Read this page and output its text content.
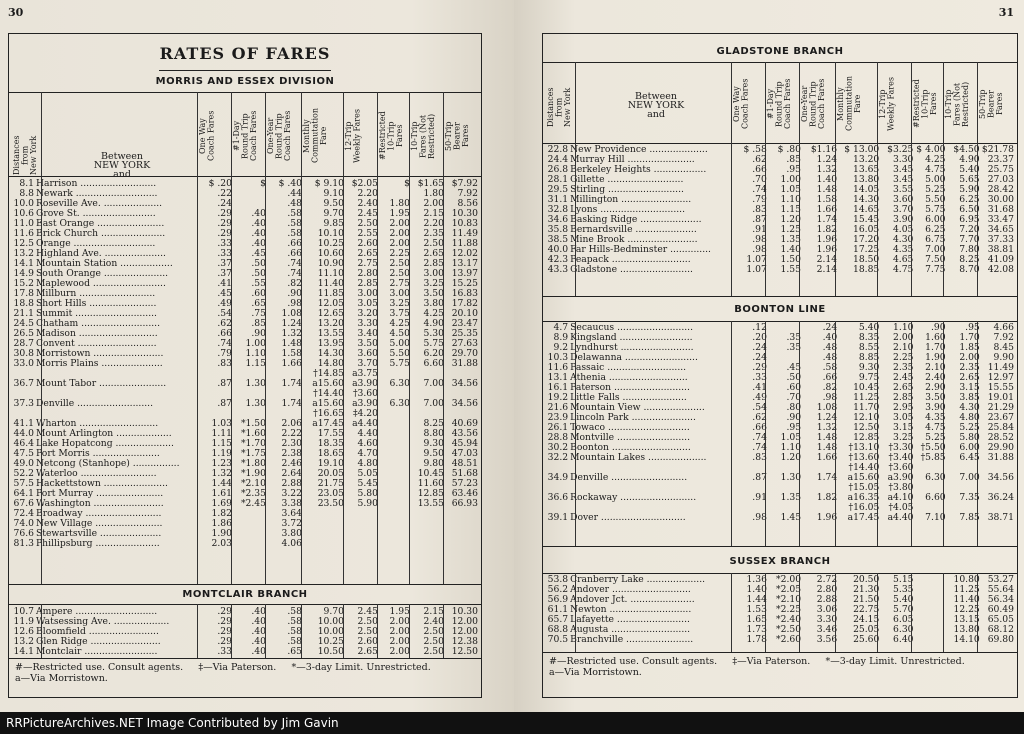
30
RATES OF FARES
MORRIS AND ESSEX DIVISION
Distances
from
New York
Between
NEW YORK
and
One Way
Coach Fares	#1-Day
Round Trip
Coach Fares	One-Year
Round Trip
Coach Fares	Monthly
Commutation
Fare	12-Trip
Weekly Fares	#Restricted
10-Trip
Fares 10-Trip
Fares (Not
Restricted)	50-Trip
Bearer
Fares
8.1	Harrison ..........................	$ .20	$	$ .40	$ 9.10	$2.05	$	$1.65	$7.92
8.8	Newark ............................	.22		.44	9.10	2.20		1.80	7.92
10.0	Roseville Ave. ....................	.24		.48	9.50	2.40	1.80	2.00	8.56
10.6	Grove St. .........................	.29	.40	.58	9.70	2.45	1.95	2.15	10.30
11.0	East Orange .......................	.29	.40	.58	9.85	2.50	2.00	2.20	10.83
11.6	Brick Church ......................	.29	.40	.58	10.10	2.55	2.00	2.35	11.49
12.5	Orange ............................	.33	.40	.66	10.25	2.60	2.00	2.50	11.88
13.2	Highland Ave. .....................	.33	.45	.66	10.60	2.65	2.25	2.65	12.02
14.1	Mountain Station ..................	.37	.50	.74	10.90	2.75	2.50	2.85	13.17
14.9	South Orange ......................	.37	.50	.74	11.10	2.80	2.50	3.00	13.97
15.2	Maplewood .........................	.41	.55	.82	11.40	2.85	2.75	3.25	15.25
17.8	Millburn ..........................	.45	.60	.90	11.85	3.00	3.00	3.50	16.83
18.8	Short Hills .......................	.49	.65	.98	12.05	3.05	3.25	3.80	17.82
21.1	Summit ............................	.54	.75	1.08	12.65	3.20	3.75	4.25	20.10
24.5	Chatham ...........................	.62	.85	1.24	13.20	3.30	4.25	4.90	23.47
26.5	Madison ...........................	.66	.90	1.32	13.55	3.40	4.50	5.30	25.35
28.7	Convent ...........................	.74	1.00	1.48	13.95	3.50	5.00	5.75	27.63
30.8	Morristown ........................	.79	1.10	1.58	14.30	3.60	5.50	6.20	29.70
33.0	Morris Plains .....................	.83	1.15	1.66	14.80	3.70	5.75	6.60	31.88
					†14.85	a3.75			
36.7	Mount Tabor .......................	.87	1.30	1.74	a15.60	a3.90	6.30	7.00	34.56
					†14.40	†3.60			
37.3	Denville ..........................	.87	1.30	1.74	a15.60	a3.90	6.30	7.00	34.56
					†16.65	‡4.20			
41.1	Wharton ...........................	1.03	*1.50	2.06	a17.45	a4.40		8.25	40.69
44.0	Mount Arlington ...................	1.11	*1.60	2.22	17.55	4.40		8.80	43.56
46.4	Lake Hopatcong ....................	1.15	*1.70	2.30	18.35	4.60		9.30	45.94
47.5	Port Morris .......................	1.19	*1.75	2.38	18.65	4.70		9.50	47.03
49.0	Netcong (Stanhope) ................	1.23	*1.80	2.46	19.10	4.80		9.80	48.51
52.2	Waterloo ..........................	1.32	*1.90	2.64	20.05	5.05		10.45	51.68
57.5	Hackettstown ......................	1.44	*2.10	2.88	21.75	5.45		11.60	57.23
64.1	Port Murray .......................	1.61	*2.35	3.22	23.05	5.80		12.85	63.46
67.6	Washington ........................	1.69	*2.45	3.38	23.50	5.90		13.55	66.93
72.4	Broadway ..........................	1.82		3.64					
74.0	New Village .......................	1.86		3.72					
76.6	Stewartsville .....................	1.90		3.80					
81.3	Phillipsburg ......................	2.03		4.06					
MONTCLAIR BRANCH
10.7	Ampere ............................	.29	.40	.58	9.70	2.45	1.95	2.15	10.30
11.9	Watsessing Ave. ...................	.29	.40	.58	10.00	2.50	2.00	2.40	12.00
12.6	Bloomfield ........................	.29	.40	.58	10.00	2.50	2.00	2.50	12.00
13.2	Glen Ridge ........................	.29	.40	.58	10.25	2.60	2.00	2.50	12.38
14.1	Montclair .........................	.33	.40	.65	10.50	2.65	2.00	2.50	12.50
#—Restricted use. Consult agents. ‡—Via Paterson. *—3-day Limit. Unrestricted.
a—Via Morristown.
31
GLADSTONE BRANCH
Distances
from
New York	Between
NEW YORK
and	One Way
Coach Fares	#1-Day
Round Trip
Coach Fares	One-Year
Round Trip
Coach Fares	Monthly
Commutation
Fare	12-Trip
Weekly Fares	#Restricted
10-Trip
Fares 10-Trip
Fares (Not
Restricted)	50-Trip
Bearer
Fares
22.8	New Providence ....................	$ .58	$ .80	$1.16	$ 13.00	$3.25	$ 4.00	$4.50	$21.78
24.4	Murray Hill .......................	.62	.85	1.24	13.20	3.30	4.25	4.90	23.37
26.8	Berkeley Heights ..................	.66	.95	1.32	13.65	3.45	4.75	5.40	25.75
28.1	Gillette ..........................	.70	1.00	1.40	13.80	3.45	5.00	5.65	27.03
29.5	Stirling ..........................	.74	1.05	1.48	14.05	3.55	5.25	5.90	28.42
31.1	Millington ........................	.79	1.10	1.58	14.30	3.60	5.50	6.25	30.00
32.8	Lyons .............................	.83	1.15	1.66	14.65	3.70	5.75	6.50	31.68
34.6	Basking Ridge .....................	.87	1.20	1.74	15.45	3.90	6.00	6.95	33.47
35.8	Bernardsville .....................	.91	1.25	1.82	16.05	4.05	6.25	7.20	34.65
38.5	Mine Brook ........................	.98	1.35	1.96	17.20	4.30	6.75	7.70	37.33
40.0	Far Hills-Bedminster ..............	.98	1.40	1.96	17.25	4.35	7.00	7.80	38.81
42.3	Peapack ...........................	1.07	1.50	2.14	18.50	4.65	7.50	8.25	41.09
43.3	Gladstone .........................	1.07	1.55	2.14	18.85	4.75	7.75	8.70	42.08
BOONTON LINE
4.7	Secaucus ..........................	.12		.24	5.40	1.10	.90	.95	4.66
8.9	Kingsland .........................	.20	.35	.40	8.35	2.00	1.60	1.70	7.92
9.2	Lyndhurst .........................	.24	.35	.48	8.55	2.10	1.70	1.85	8.45
10.3	Delawanna .........................	.24		.48	8.85	2.25	1.90	2.00	9.90
11.6	Passaic ...........................	.29	.45	.58	9.30	2.35	2.10	2.35	11.49
13.1	Athenia ...........................	.33	.50	.66	9.75	2.45	2.40	2.65	12.97
16.1	Paterson ..........................	.41	.60	.82	10.45	2.65	2.90	3.15	15.55
19.2	Little Falls ......................	.49	.70	.98	11.25	2.85	3.50	3.85	19.01
21.6	Mountain View .....................	.54	.80	1.08	11.70	2.95	3.90	4.30	21.29
23.9	Lincoln Park ......................	.62	.90	1.24	12.10	3.05	4.35	4.80	23.67
26.1	Towaco ............................	.66	.95	1.32	12.50	3.15	4.75	5.25	25.84
28.8	Montville .........................	.74	1.05	1.48	12.85	3.25	5.25	5.80	28.52
30.2	Boonton ...........................	.74	1.10	1.48	†13.10	†3.30	†5.50	6.00	29.90
32.2	Mountain Lakes ....................	.83	1.20	1.66	†13.60	†3.40	†5.85	6.45	31.88
					†14.40	†3.60			
34.9	Denville ..........................	.87	1.30	1.74	a15.60	a3.90	6.30	7.00	34.56
					†15.05	†3.80			
36.6	Rockaway ..........................	.91	1.35	1.82	a16.35	a4.10	6.60	7.35	36.24
					†16.05	†4.05			
39.1	Dover .............................	.98	1.45	1.96	a17.45	a4.40	7.10	7.85	38.71
SUSSEX BRANCH
53.8	Cranberry Lake ....................	1.36	*2.00	2.72	20.50	5.15		10.80	53.27
56.2	Andover ...........................	1.40	*2.05	2.80	21.30	5.35		11.25	55.64
56.9	Andover Jct. ......................	1.44	*2.10	2.88	21.50	5.40		11.40	56.34
61.1	Newton ............................	1.53	*2.25	3.06	22.75	5.70		12.25	60.49
65.7	Lafayette .........................	1.65	*2.40	3.30	24.15	6.05		13.15	65.05
68.8	Augusta ...........................	1.73	*2.50	3.46	25.05	6.30		13.80	68.12
70.5	Branchville .......................	1.78	*2.60	3.56	25.60	6.40		14.10	69.80
#—Restricted use. Consult agents. ‡—Via Paterson. *—3-day Limit. Unrestricted.
a—Via Morristown.
RRPictureArchives.NET Image Contributed by Jim Gavin
